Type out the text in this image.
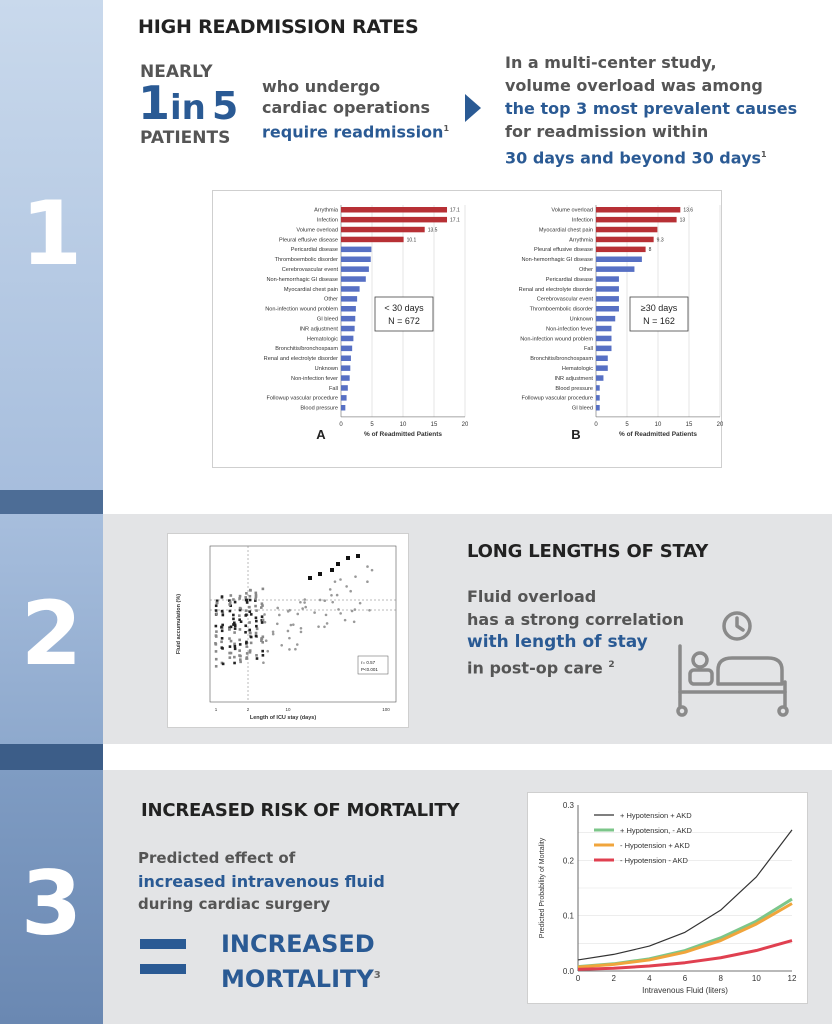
1
2
3
HIGH READMISSION RATES
NEARLY
1in 5
PATIENTS
who undergo
cardiac operations
require readmission$^1$
In a multi-center study,
volume overload was among
the top 3 most prevalent causes
for readmission within
30 days and beyond 30 days$^1$
0	5	10	15	20
Arrythmia	17.1
Infection	17.1
Volume overload	13.5
Pleural effusive disease	10.1
Pericardial disease
Thromboembolic disorder
Cerebrovascular event
Non-hemorrhagic GI disease
Myocardial chest pain
Other
Non-infection wound problem
GI bleed
INR adjustment
Hematologic
Bronchitis/bronchospasm
Renal and electrolyte disorder
Unknown
Non-infection fever
Fall
Followup vascular procedure
Blood pressure
% of Readmitted Patients
A
< 30 days
N = 672
0	5	10	15	20
Volume overload	13.6
Infection	13
Myocardial chest pain
Arrythmia	9.3
Pleural effusive disease	8
Non-hemorrhagic GI disease
Other
Pericardial disease
Renal and electrolyte disorder
Cerebrovascular event
Thromboembolic disorder
Unknown
Non-infection fever
Non-infection wound problem
Fall
Bronchitis/bronchospasm
Hematologic
INR adjustment
Blood pressure
Followup vascular procedure
GI bleed
% of Readmitted Patients
B
≥30 days
N = 162
1	2	10	100
Length of ICU stay (days)
Fluid accumulation (%)
r= 0.57
P<0.001
LONG LENGTHS OF STAY
Fluid overload
has a strong correlation
with length of stay
in post-op care $^2$
INCREASED RISK OF MORTALITY
Predicted effect of
increased intravenous fluid
during cardiac surgery
INCREASED
MORTALITY$^3$	0.0
0.1
0.2
0.3
0	2	4	6	8	10	12
Intravenous Fluid (liters)
Predicted Probability of Mortality
+ Hypotension + AKD
+ Hypotension, - AKD
- Hypotension + AKD
- Hypotension - AKD
